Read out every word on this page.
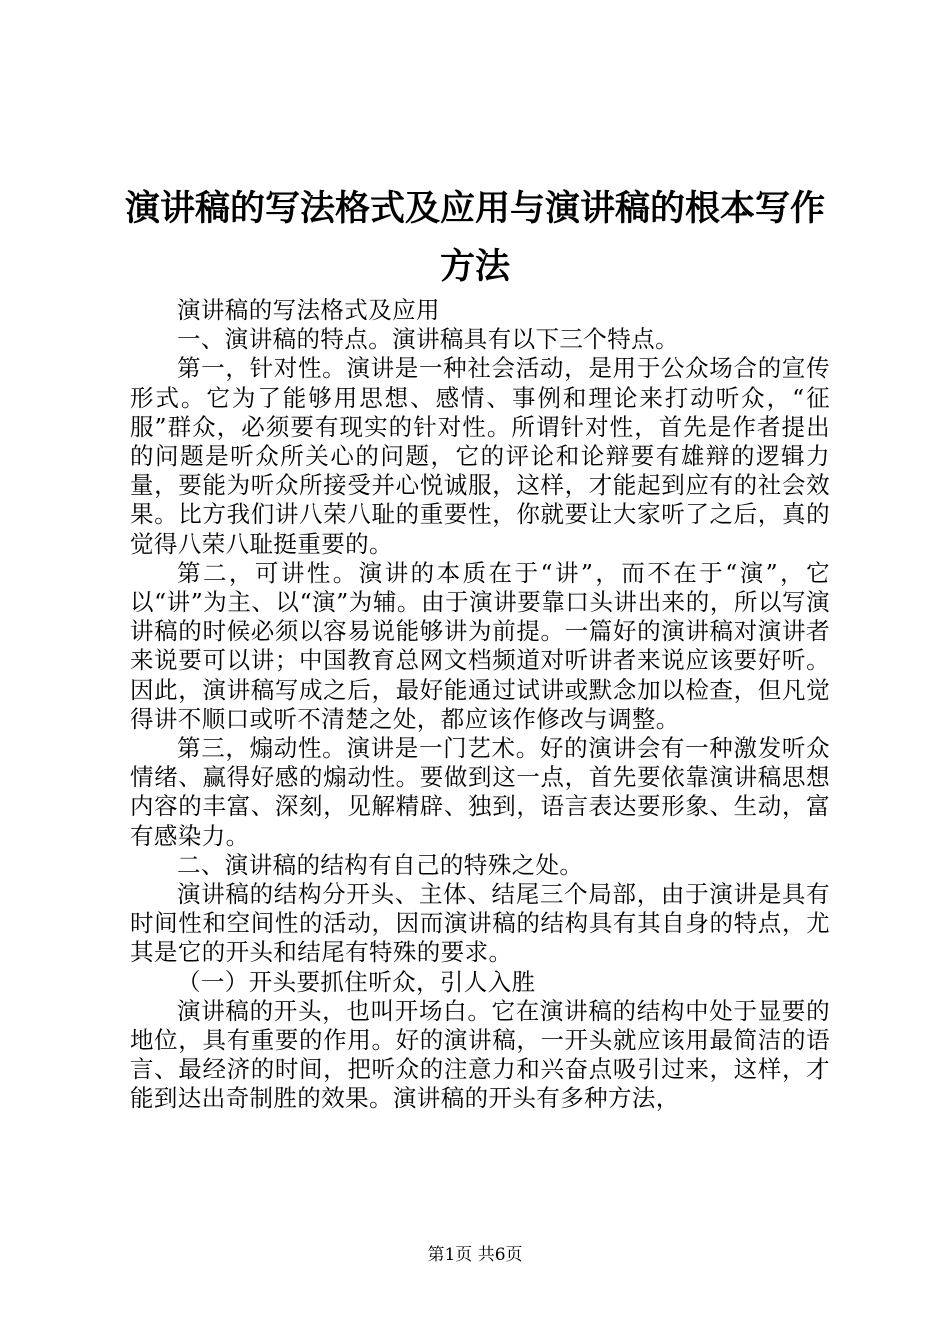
演讲稿的写法格式及应用与演讲稿的根本写作方法

演讲稿的写法格式及应用

一、演讲稿的特点。演讲稿具有以下三个特点。

第一，针对性。演讲是一种社会活动，是用于公众场合的宣传形式。它为了能够用思想、感情、事例和理论来打动听众，“征服”群众，必须要有现实的针对性。所谓针对性，首先是作者提出的问题是听众所关心的问题，它的评论和论辩要有雄辩的逻辑力量，要能为听众所接受并心悦诚服，这样，才能起到应有的社会效果。比方我们讲八荣八耻的重要性，你就要让大家听了之后，真的觉得八荣八耻挺重要的。

第二，可讲性。演讲的本质在于“讲”，而不在于“演”，它以“讲”为主、以“演”为辅。由于演讲要靠口头讲出来的，所以写演讲稿的时候必须以容易说能够讲为前提。一篇好的演讲稿对演讲者来说要可以讲；中国教育总网文档频道对听讲者来说应该要好听。因此，演讲稿写成之后，最好能通过试讲或默念加以检查，但凡觉得讲不顺口或听不清楚之处，都应该作修改与调整。

第三，煽动性。演讲是一门艺术。好的演讲会有一种激发听众情绪、赢得好感的煽动性。要做到这一点，首先要依靠演讲稿思想内容的丰富、深刻，见解精辟、独到，语言表达要形象、生动，富有感染力。

二、演讲稿的结构有自己的特殊之处。

演讲稿的结构分开头、主体、结尾三个局部，由于演讲是具有时间性和空间性的活动，因而演讲稿的结构具有其自身的特点，尤其是它的开头和结尾有特殊的要求。

（一）开头要抓住听众，引人入胜

演讲稿的开头，也叫开场白。它在演讲稿的结构中处于显要的地位，具有重要的作用。好的演讲稿，一开头就应该用最简洁的语言、最经济的时间，把听众的注意力和兴奋点吸引过来，这样，才能到达出奇制胜的效果。演讲稿的开头有多种方法，

第1页 共6页
